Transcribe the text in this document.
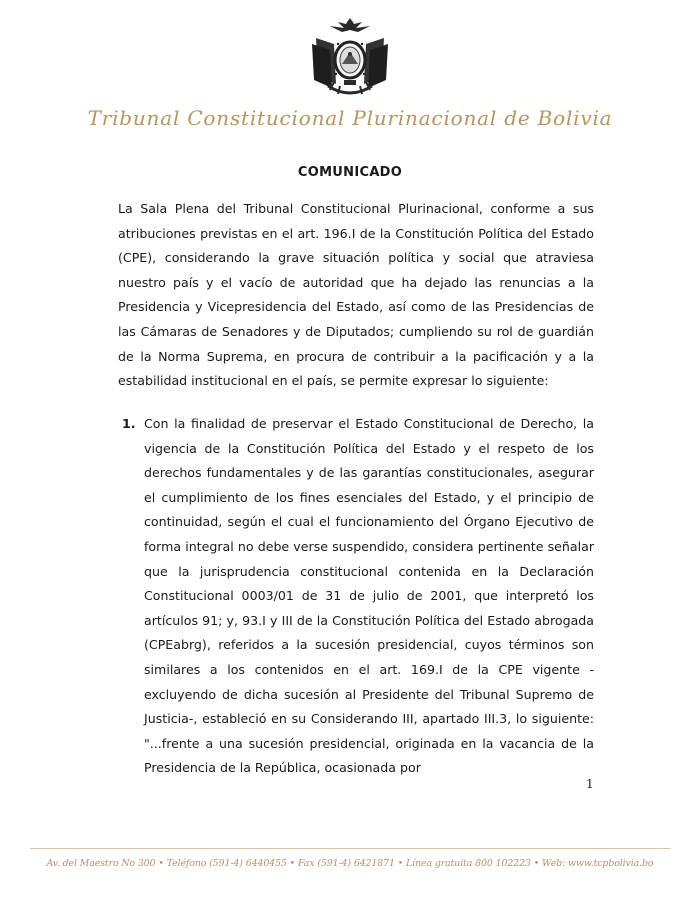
Tribunal Constitucional Plurinacional de Bolivia
COMUNICADO

La Sala Plena del Tribunal Constitucional Plurinacional, conforme a sus atribuciones previstas en el art. 196.I de la Constitución Política del Estado (CPE), considerando la grave situación política y social que atraviesa nuestro país y el vacío de autoridad que ha dejado las renuncias a la Presidencia y Vicepresidencia del Estado, así como de las Presidencias de las Cámaras de Senadores y de Diputados; cumpliendo su rol de guardián de la Norma Suprema, en procura de contribuir a la pacificación y a la estabilidad institucional en el país, se permite expresar lo siguiente:

1. Con la finalidad de preservar el Estado Constitucional de Derecho, la vigencia de la Constitución Política del Estado y el respeto de los derechos fundamentales y de las garantías constitucionales, asegurar el cumplimiento de los fines esenciales del Estado, y el principio de continuidad, según el cual el funcionamiento del Órgano Ejecutivo de forma integral no debe verse suspendido, considera pertinente señalar que la jurisprudencia constitucional contenida en la Declaración Constitucional 0003/01 de 31 de julio de 2001, que interpretó los artículos 91; y, 93.I y III de la Constitución Política del Estado abrogada (CPEabrg), referidos a la sucesión presidencial, cuyos términos son similares a los contenidos en el art. 169.I de la CPE vigente -excluyendo de dicha sucesión al Presidente del Tribunal Supremo de Justicia-, estableció en su Considerando III, apartado III.3, lo siguiente: "...frente a una sucesión presidencial, originada en la vacancia de la Presidencia de la República, ocasionada por

1
Av. del Maestro No 300 • Teléfono (591-4) 6440455 • Fax (591-4) 6421871 • Línea gratuita 800 102223 • Web: www.tcpbolivia.bo
